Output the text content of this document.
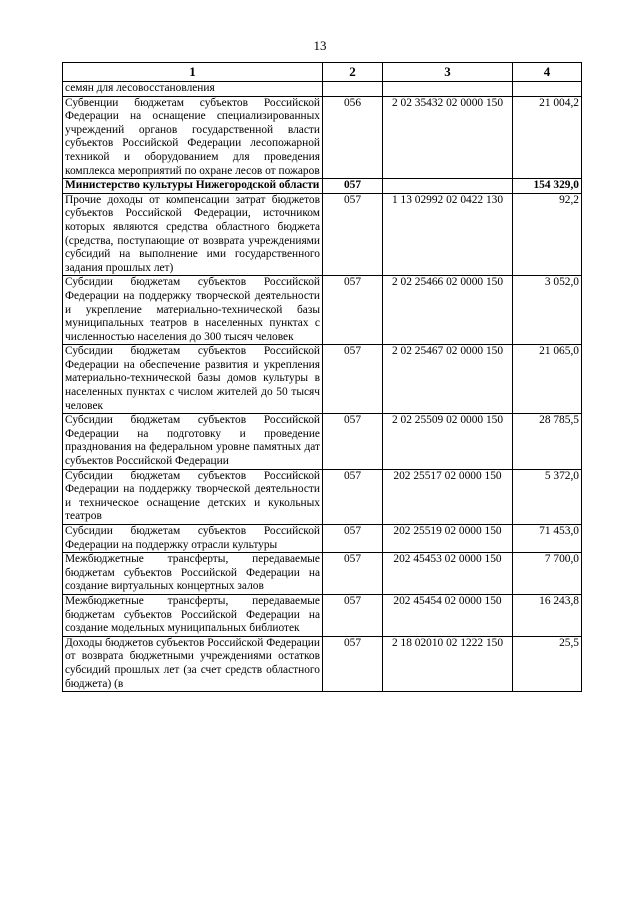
13
1	2	3	4
семян для лесовосстановления			
Субвенции бюджетам субъектов Российской Федерации на оснащение специализированных учреждений органов государственной власти субъектов Российской Федерации лесопожарной техникой и оборудованием для проведения комплекса мероприятий по охране лесов от пожаров	056	2 02 35432 02 0000 150	21 004,2
Министерство культуры Нижегородской области	057		154 329,0
Прочие доходы от компенсации затрат бюджетов субъектов Российской Федерации, источником которых являются средства областного бюджета (средства, поступающие от возврата учреждениями субсидий на выполнение ими государственного задания прошлых лет)	057	1 13 02992 02 0422 130	92,2
Субсидии бюджетам субъектов Российской Федерации на поддержку творческой деятельности и укрепление материально-технической базы муниципальных театров в населенных пунктах с численностью населения до 300 тысяч человек	057	2 02 25466 02 0000 150	3 052,0
Субсидии бюджетам субъектов Российской Федерации на обеспечение развития и укрепления материально-технической базы домов культуры в населенных пунктах с числом жителей до 50 тысяч человек	057	2 02 25467 02 0000 150	21 065,0
Субсидии бюджетам субъектов Российской Федерации на подготовку и проведение празднования на федеральном уровне памятных дат субъектов Российской Федерации	057	2 02 25509 02 0000 150	28 785,5
Субсидии бюджетам субъектов Российской Федерации на поддержку творческой деятельности и техническое оснащение детских и кукольных театров	057	202 25517 02 0000 150	5 372,0
Субсидии бюджетам субъектов Российской Федерации на поддержку отрасли культуры	057	202 25519 02 0000 150	71 453,0
Межбюджетные трансферты, передаваемые бюджетам субъектов Российской Федерации на создание виртуальных концертных залов	057	202 45453 02 0000 150	7 700,0
Межбюджетные трансферты, передаваемые бюджетам субъектов Российской Федерации на создание модельных муниципальных библиотек	057	202 45454 02 0000 150	16 243,8
Доходы бюджетов субъектов Российской Федерации от возврата бюджетными учреждениями остатков субсидий прошлых лет (за счет средств областного бюджета) (в	057	2 18 02010 02 1222 150	25,5
